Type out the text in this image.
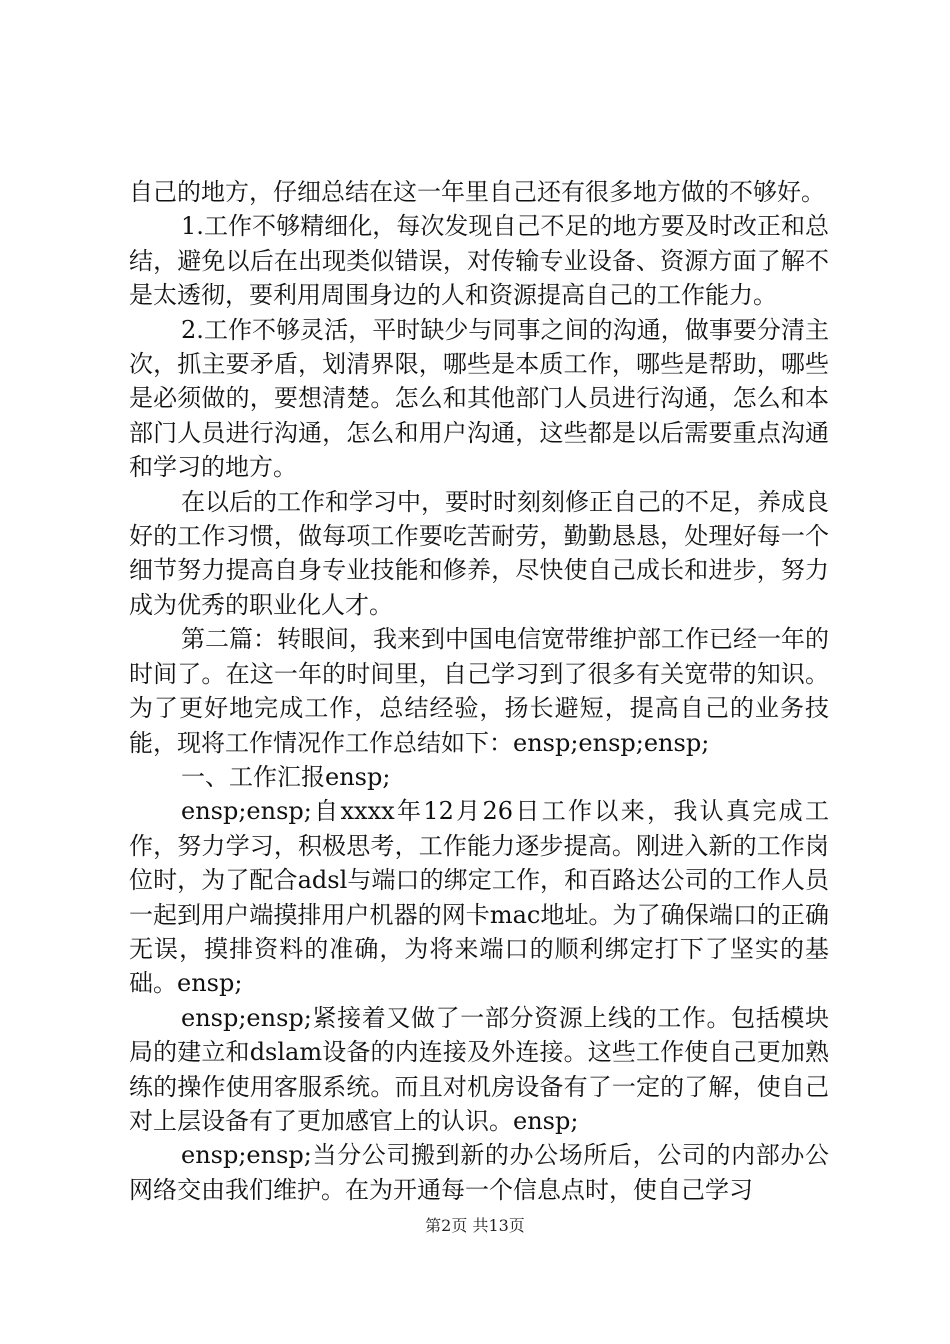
自己的地方，仔细总结在这一年里自己还有很多地方做的不够好。

1.工作不够精细化，每次发现自己不足的地方要及时改正和总结，避免以后在出现类似错误，对传输专业设备、资源方面了解不是太透彻，要利用周围身边的人和资源提高自己的工作能力。

2.工作不够灵活，平时缺少与同事之间的沟通，做事要分清主次，抓主要矛盾，划清界限，哪些是本质工作，哪些是帮助，哪些是必须做的，要想清楚。怎么和其他部门人员进行沟通，怎么和本部门人员进行沟通，怎么和用户沟通，这些都是以后需要重点沟通和学习的地方。

在以后的工作和学习中，要时时刻刻修正自己的不足，养成良好的工作习惯，做每项工作要吃苦耐劳，勤勤恳恳，处理好每一个细节努力提高自身专业技能和修养，尽快使自己成长和进步，努力成为优秀的职业化人才。

第二篇：转眼间，我来到中国电信宽带维护部工作已经一年的时间了。在这一年的时间里，自己学习到了很多有关宽带的知识。为了更好地完成工作，总结经验，扬长避短，提高自己的业务技能，现将工作情况作工作总结如下：ensp;ensp;ensp;

一、工作汇报ensp;

ensp;ensp;自xxxx年12月26日工作以来，我认真完成工作，努力学习，积极思考，工作能力逐步提高。刚进入新的工作岗位时，为了配合adsl与端口的绑定工作，和百路达公司的工作人员一起到用户端摸排用户机器的网卡mac地址。为了确保端口的正确无误，摸排资料的准确，为将来端口的顺利绑定打下了坚实的基础。ensp;

ensp;ensp;紧接着又做了一部分资源上线的工作。包括模块局的建立和dslam设备的内连接及外连接。这些工作使自己更加熟练的操作使用客服系统。而且对机房设备有了一定的了解，使自己对上层设备有了更加感官上的认识。ensp;

ensp;ensp;当分公司搬到新的办公场所后，公司的内部办公网络交由我们维护。在为开通每一个信息点时，使自己学习

第2页 共13页
